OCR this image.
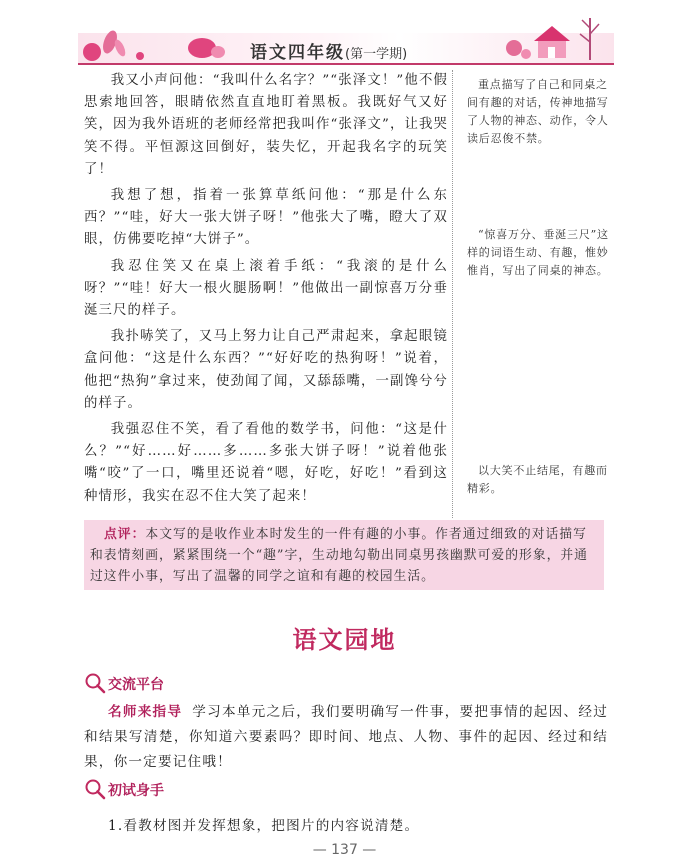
语文四年级(第一学期)

我又小声问他：“我叫什么名字？”“张泽文！”他不假思索地回答，眼睛依然直直地盯着黑板。我既好气又好笑，因为我外语班的老师经常把我叫作“张泽文”，让我哭笑不得。平恒源这回倒好，装失忆，开起我名字的玩笑了！

我想了想，指着一张算草纸问他：“那是什么东西？”“哇，好大一张大饼子呀！”他张大了嘴，瞪大了双眼，仿佛要吃掉“大饼子”。

我忍住笑又在桌上滚着手纸：“我滚的是什么呀？”“哇！好大一根火腿肠啊！”他做出一副惊喜万分垂涎三尺的样子。

我扑哧笑了，又马上努力让自己严肃起来，拿起眼镜盒问他：“这是什么东西？”“好好吃的热狗呀！”说着，他把“热狗”拿过来，使劲闻了闻，又舔舔嘴，一副馋兮兮的样子。

我强忍住不笑，看了看他的数学书，问他：“这是什么？”“好……好……多……多张大饼子呀！”说着他张嘴“咬”了一口，嘴里还说着“嗯，好吃，好吃！”看到这种情形，我实在忍不住大笑了起来！

重点描写了自己和同桌之间有趣的对话，传神地描写了人物的神态、动作，令人读后忍俊不禁。

“惊喜万分、垂涎三尺”这样的词语生动、有趣，惟妙惟肖，写出了同桌的神态。

以大笑不止结尾，有趣而精彩。

点评：本文写的是收作业本时发生的一件有趣的小事。作者通过细致的对话描写和表情刻画，紧紧围绕一个“趣”字，生动地勾勒出同桌男孩幽默可爱的形象，并通过这件小事，写出了温馨的同学之谊和有趣的校园生活。
语文园地
交流平台

名师来指导 学习本单元之后，我们要明确写一件事，要把事情的起因、经过和结果写清楚，你知道六要素吗？即时间、地点、人物、事件的起因、经过和结果，你一定要记住哦！

初试身手

1.看教材图并发挥想象，把图片的内容说清楚。

— 137 —
